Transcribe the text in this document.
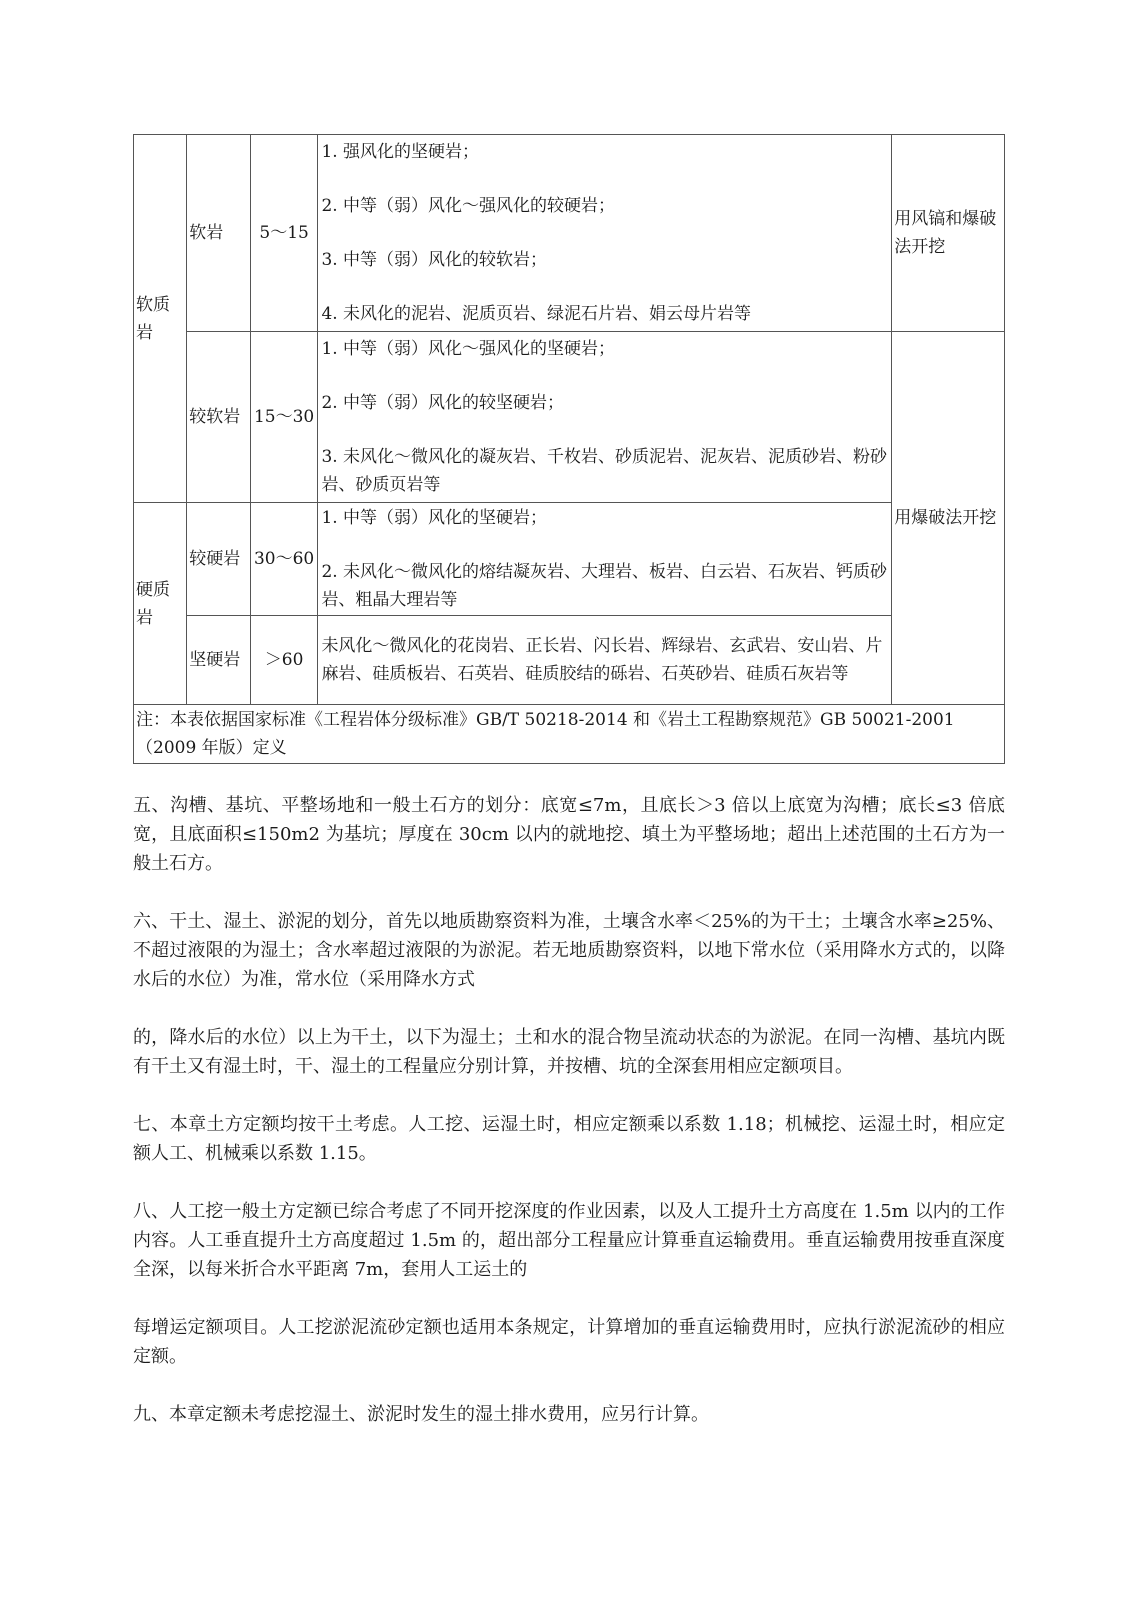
软质岩	软岩	5～15	1. 强风化的坚硬岩；
2. 中等（弱）风化～强风化的较硬岩；
3. 中等（弱）风化的较软岩；
4. 未风化的泥岩、泥质页岩、绿泥石片岩、娟云母片岩等	用风镐和爆破法开挖
	较软岩	15～30	1. 中等（弱）风化～强风化的坚硬岩；
2. 中等（弱）风化的较坚硬岩；
3. 未风化～微风化的凝灰岩、千枚岩、砂质泥岩、泥灰岩、泥质砂岩、粉砂岩、砂质页岩等	用爆破法开挖
硬质岩	较硬岩	30～60	1. 中等（弱）风化的坚硬岩；
2. 未风化～微风化的熔结凝灰岩、大理岩、板岩、白云岩、石灰岩、钙质砂岩、粗晶大理岩等	

	坚硬岩	＞60	未风化～微风化的花岗岩、正长岩、闪长岩、辉绿岩、玄武岩、安山岩、片麻岩、硅质板岩、石英岩、硅质胶结的砾岩、石英砂岩、硅质石灰岩等	

注：本表依据国家标准《工程岩体分级标准》GB/T 50218-2014 和《岩土工程勘察规范》GB 50021-2001（2009 年版）定义				

五、沟槽、基坑、平整场地和一般土石方的划分：底宽≤7m，且底长＞3 倍以上底宽为沟槽；底长≤3 倍底宽，且底面积≤150m2 为基坑；厚度在 30cm 以内的就地挖、填土为平整场地；超出上述范围的土石方为一般土石方。

六、干土、湿土、淤泥的划分，首先以地质勘察资料为准，土壤含水率＜25%的为干土；土壤含水率≥25%、不超过液限的为湿土；含水率超过液限的为淤泥。若无地质勘察资料，以地下常水位（采用降水方式的，以降水后的水位）为准，常水位（采用降水方式

的，降水后的水位）以上为干土，以下为湿土；土和水的混合物呈流动状态的为淤泥。在同一沟槽、基坑内既有干土又有湿土时，干、湿土的工程量应分别计算，并按槽、坑的全深套用相应定额项目。

七、本章土方定额均按干土考虑。人工挖、运湿土时，相应定额乘以系数 1.18；机械挖、运湿土时，相应定额人工、机械乘以系数 1.15。

八、人工挖一般土方定额已综合考虑了不同开挖深度的作业因素，以及人工提升土方高度在 1.5m 以内的工作内容。人工垂直提升土方高度超过 1.5m 的，超出部分工程量应计算垂直运输费用。垂直运输费用按垂直深度全深，以每米折合水平距离 7m，套用人工运土的

每增运定额项目。人工挖淤泥流砂定额也适用本条规定，计算增加的垂直运输费用时，应执行淤泥流砂的相应定额。

九、本章定额未考虑挖湿土、淤泥时发生的湿土排水费用，应另行计算。
